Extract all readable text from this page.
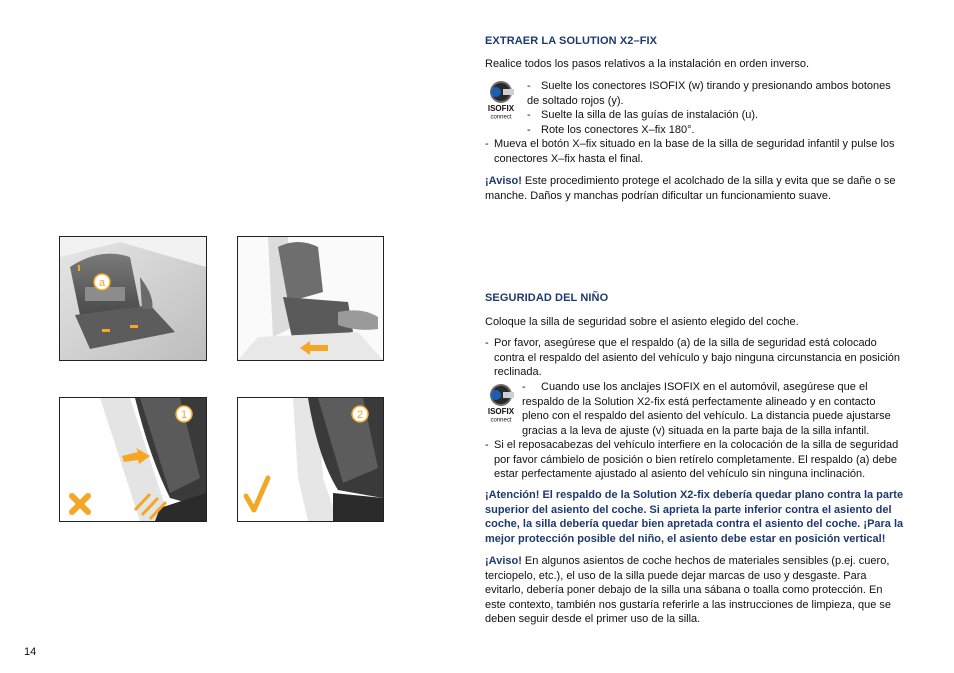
EXTRAER LA SOLUTION X2–FIX
Realice todos los pasos relativos a la instalación en orden inverso.
ISOFIX
connect
- Suelte los conectores ISOFIX (w) tirando y presionando ambos botones
de soltado rojos (y).
- Suelte la silla de las guías de instalación (u).
- Rote los conectores X–fix 180°.
- Mueva el botón X–fix situado en la base de la silla de seguridad infantil y pulse los
conectores X–fix hasta el final.
¡Aviso! Este procedimiento protege el acolchado de la silla y evita que se dañe o se
manche. Daños y manchas podrían dificultar un funcionamiento suave.
SEGURIDAD DEL NIÑO
Coloque la silla de seguridad sobre el asiento elegido del coche.
- Por favor, asegúrese que el respaldo (a) de la silla de seguridad está colocado
contra el respaldo del asiento del vehículo y bajo ninguna circunstancia en posición
reclinada.
ISOFIX
connect
- Cuando use los anclajes ISOFIX en el automóvil, asegúrese que el
respaldo de la Solution X2-fix está perfectamente alineado y en contacto
pleno con el respaldo del asiento del vehículo. La distancia puede ajustarse
gracias a la leva de ajuste (v) situada en la parte baja de la silla infantil.
- Si el reposacabezas del vehículo interfiere en la colocación de la silla de seguridad
por favor cámbielo de posición o bien retírelo completamente. El respaldo (a) debe
estar perfectamente ajustado al asiento del vehículo sin ninguna inclinación.
¡Atención! El respaldo de la Solution X2-fix debería quedar plano contra la parte
superior del asiento del coche. Si aprieta la parte inferior contra el asiento del
coche, la silla debería quedar bien apretada contra el asiento del coche. ¡Para la
mejor protección posible del niño, el asiento debe estar en posición vertical!
¡Aviso! En algunos asientos de coche hechos de materiales sensibles (p.ej. cuero,
terciopelo, etc.), el uso de la silla puede dejar marcas de uso y desgaste. Para
evitarlo, debería poner debajo de la silla una sábana o toalla como protección. En
este contexto, también nos gustaría referirle a las instrucciones de limpieza, que se
deben seguir desde el primer uso de la silla.
a
1	2
14
